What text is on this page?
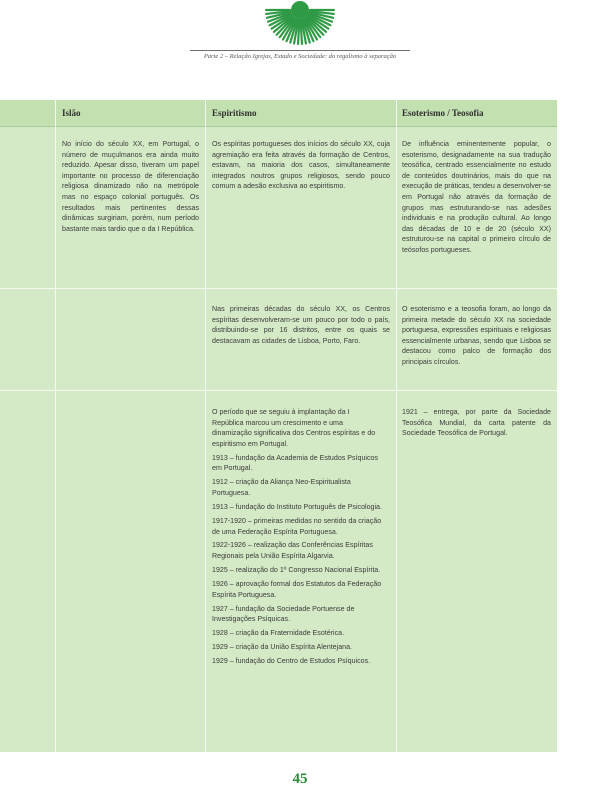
Parte 2 – Relação Igrejas, Estado e Sociedade: do regalismo à separação
Islão	Espiritismo	Esoterismo / Teosofia
No início do século XX, em Portugal, o número de muçulmanos era ainda muito reduzido. Apesar disso, tiveram um papel importante no processo de diferenciação religiosa dinamizado não na metrópole mas no espaço colonial português. Os resultados mais pertinentes dessas dinâmicas surgiriam, porém, num período bastante mais tardio que o da I República.
Os espíritas portugueses dos inícios do século XX, cuja agremiação era feita através da formação de Centros, estavam, na maioria dos casos, simultaneamente integrados noutros grupos religiosos, sendo pouco comum a adesão exclusiva ao espiritismo.
De influência eminentemente popular, o esoterismo, designadamente na sua tradução teosófica, centrado essencialmente no estudo de conteúdos doutrinários, mais do que na execução de práticas, tendeu a desenvolver-se em Portugal não através da formação de grupos mas estruturando-se nas adesões individuais e na produção cultural. Ao longo das décadas de 10 e de 20 (século XX) estruturou-se na capital o primeiro círculo de teósofos portugueses.
Nas primeiras décadas do século XX, os Centros espíritas desenvolveram-se um pouco por todo o país, distribuindo-se por 16 distritos, entre os quais se destacavam as cidades de Lisboa, Porto, Faro.
O esoterismo e a teosofia foram, ao longo da primeira metade do século XX na sociedade portuguesa, expressões espirituais e religiosas essencialmente urbanas, sendo que Lisboa se destacou como palco de formação dos principais círculos.

O período que se seguiu à implantação da I República marcou um crescimento e uma dinamização significativa dos Centros espíritas e do espiritismo em Portugal.

1913 – fundação da Academia de Estudos Psíquicos em Portugal.

1912 – criação da Aliança Neo-Espiritualista Portuguesa.

1913 – fundação do Instituto Português de Psicologia.

1917-1920 – primeiras medidas no sentido da criação de uma Federação Espírita Portuguesa.

1922-1926 – realização das Conferências Espíritas Regionais pela União Espírita Algarvia.

1925 – realização do 1º Congresso Nacional Espírita.

1926 – aprovação formal dos Estatutos da Federação Espírita Portuguesa.

1927 – fundação da Sociedade Portuense de Investigações Psíquicas.

1928 – criação da Fraternidade Esotérica.

1929 – criação da União Espírita Alentejana.

1929 – fundação do Centro de Estudos Psíquicos.

1921 – entrega, por parte da Sociedade Teosófica Mundial, da carta patente da Sociedade Teosófica de Portugal.
45
